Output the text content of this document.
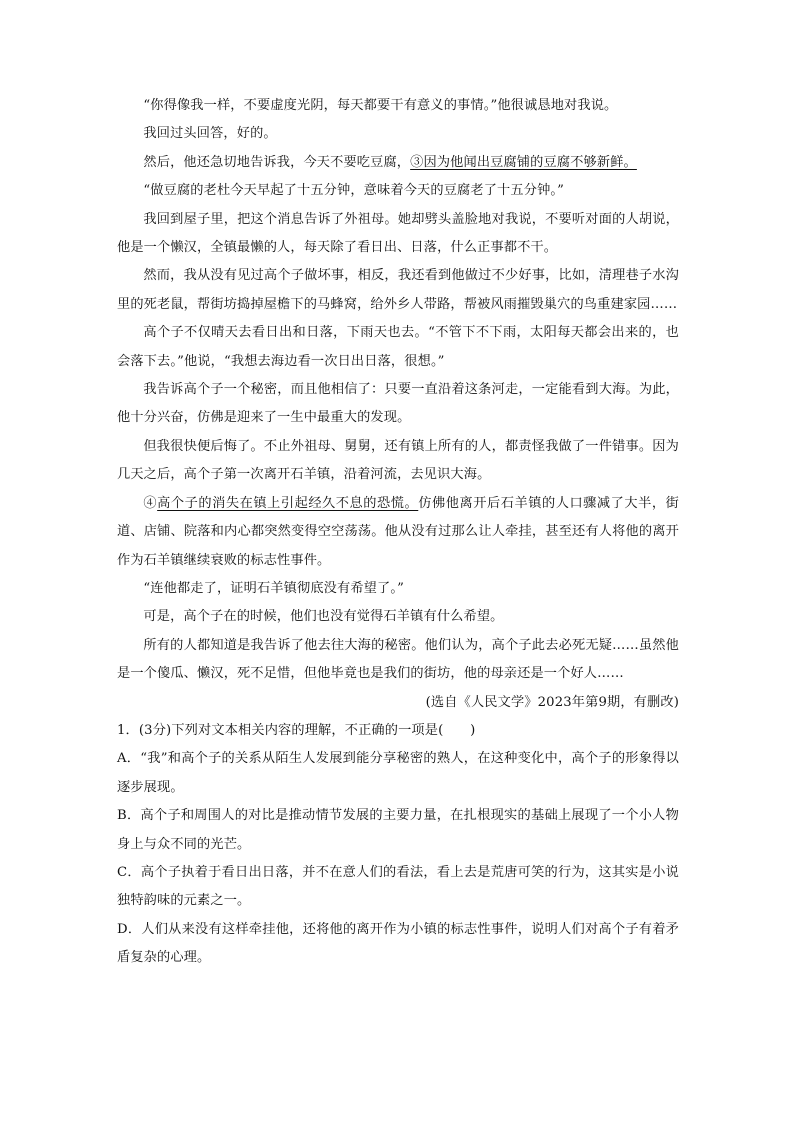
“你得像我一样，不要虚度光阴，每天都要干有意义的事情。”他很诚恳地对我说。

我回过头回答，好的。

然后，他还急切地告诉我，今天不要吃豆腐，③因为他闻出豆腐铺的豆腐不够新鲜。

“做豆腐的老杜今天早起了十五分钟，意味着今天的豆腐老了十五分钟。”

我回到屋子里，把这个消息告诉了外祖母。她却劈头盖脸地对我说，不要听对面的人胡说，他是一个懒汉，全镇最懒的人，每天除了看日出、日落，什么正事都不干。

然而，我从没有见过高个子做坏事，相反，我还看到他做过不少好事，比如，清理巷子水沟里的死老鼠，帮街坊捣掉屋檐下的马蜂窝，给外乡人带路，帮被风雨摧毁巢穴的鸟重建家园……

高个子不仅晴天去看日出和日落，下雨天也去。“不管下不下雨，太阳每天都会出来的，也会落下去。”他说，“我想去海边看一次日出日落，很想。”

我告诉高个子一个秘密，而且他相信了：只要一直沿着这条河走，一定能看到大海。为此，他十分兴奋，仿佛是迎来了一生中最重大的发现。

但我很快便后悔了。不止外祖母、舅舅，还有镇上所有的人，都责怪我做了一件错事。因为几天之后，高个子第一次离开石羊镇，沿着河流，去见识大海。

④高个子的消失在镇上引起经久不息的恐慌。仿佛他离开后石羊镇的人口骤减了大半，街道、店铺、院落和内心都突然变得空空荡荡。他从没有过那么让人牵挂，甚至还有人将他的离开作为石羊镇继续衰败的标志性事件。

“连他都走了，证明石羊镇彻底没有希望了。”

可是，高个子在的时候，他们也没有觉得石羊镇有什么希望。

所有的人都知道是我告诉了他去往大海的秘密。他们认为，高个子此去必死无疑……虽然他是一个傻瓜、懒汉，死不足惜，但他毕竟也是我们的街坊，他的母亲还是一个好人……

(选自《人民文学》2023年第9期，有删改)

1．(3分)下列对文本相关内容的理解，不正确的一项是(　　)

A．“我”和高个子的关系从陌生人发展到能分享秘密的熟人，在这种变化中，高个子的形象得以逐步展现。

B．高个子和周围人的对比是推动情节发展的主要力量，在扎根现实的基础上展现了一个小人物身上与众不同的光芒。

C．高个子执着于看日出日落，并不在意人们的看法，看上去是荒唐可笑的行为，这其实是小说独特韵味的元素之一。

D．人们从来没有这样牵挂他，还将他的离开作为小镇的标志性事件，说明人们对高个子有着矛盾复杂的心理。
